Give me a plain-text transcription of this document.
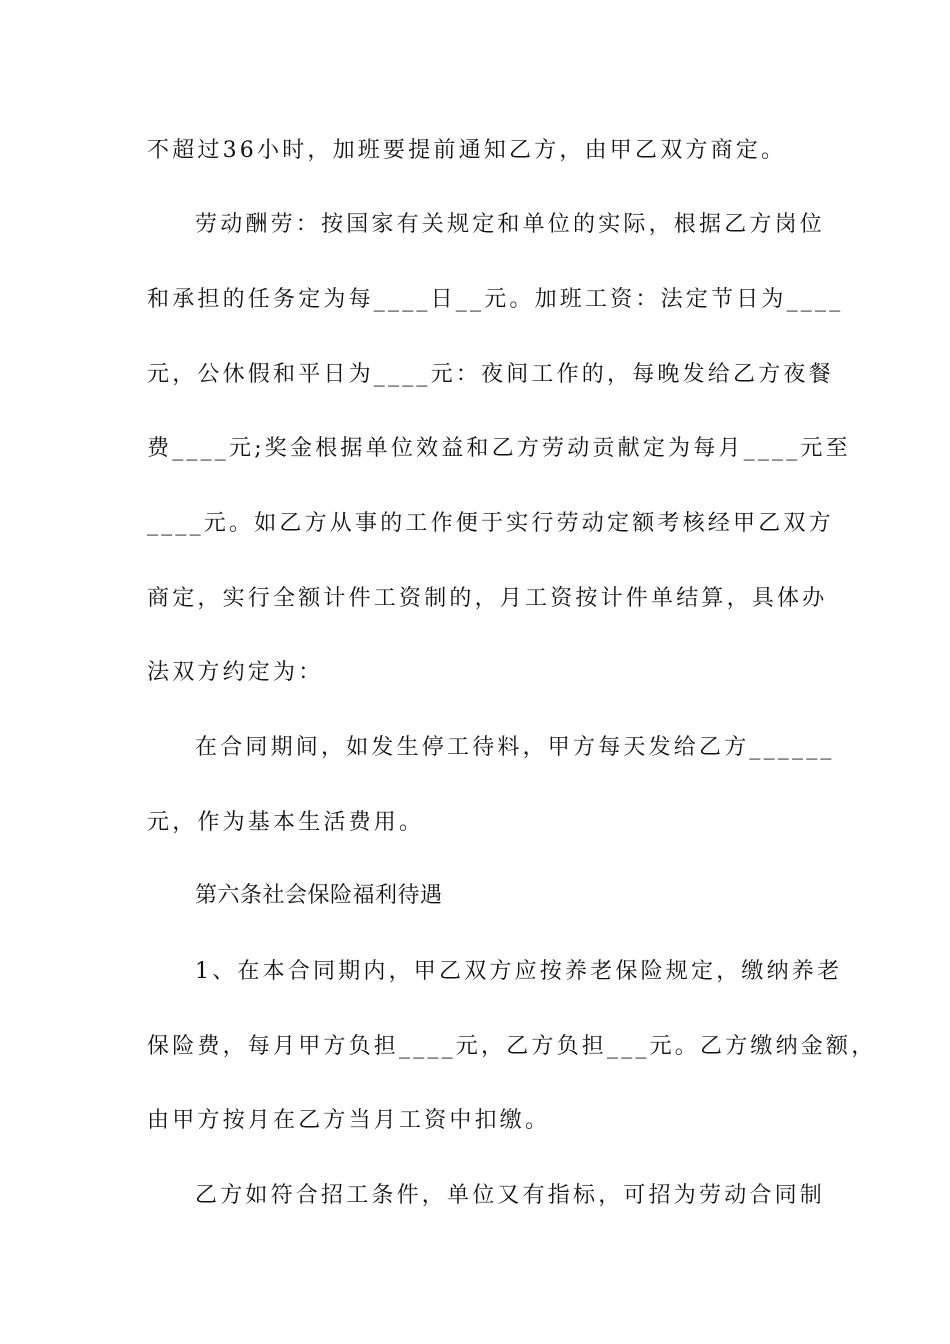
不超过36小时，加班要提前通知乙方，由甲乙双方商定。
劳动酬劳：按国家有关规定和单位的实际，根据乙方岗位
和承担的任务定为每____日__元。加班工资：法定节日为____
元，公休假和平日为____元：夜间工作的，每晚发给乙方夜餐
费____元;奖金根据单位效益和乙方劳动贡献定为每月____元至
____元。如乙方从事的工作便于实行劳动定额考核经甲乙双方
商定，实行全额计件工资制的，月工资按计件单结算，具体办
法双方约定为：
在合同期间，如发生停工待料，甲方每天发给乙方______
元，作为基本生活费用。
第六条社会保险福利待遇
1、在本合同期内，甲乙双方应按养老保险规定，缴纳养老
保险费，每月甲方负担____元，乙方负担___元。乙方缴纳金额，
由甲方按月在乙方当月工资中扣缴。
乙方如符合招工条件，单位又有指标，可招为劳动合同制
